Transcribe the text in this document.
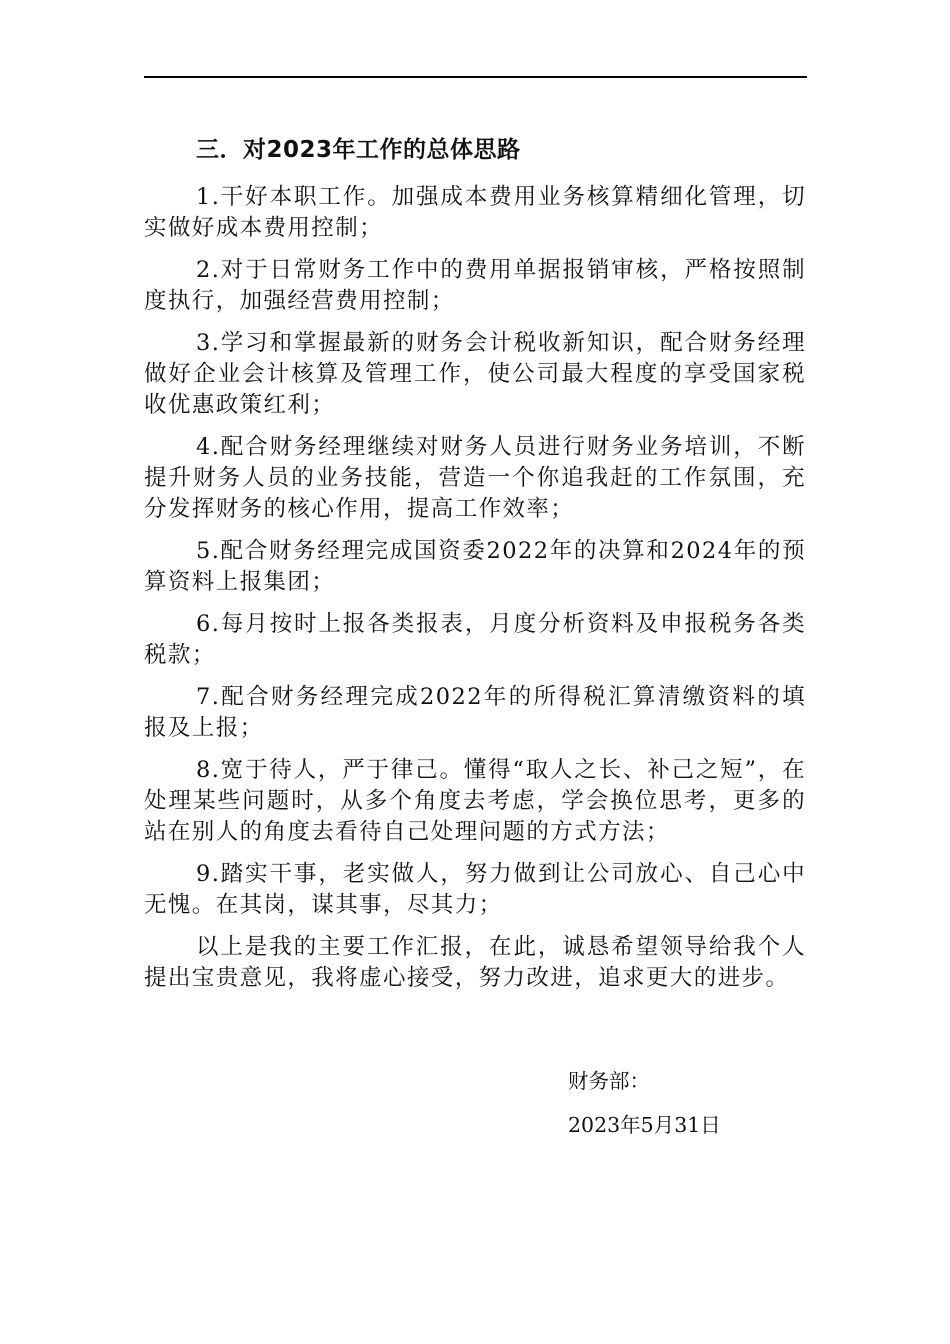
三．对2023年工作的总体思路

1.干好本职工作。加强成本费用业务核算精细化管理，切实做好成本费用控制；

2.对于日常财务工作中的费用单据报销审核，严格按照制度执行，加强经营费用控制；

3.学习和掌握最新的财务会计税收新知识，配合财务经理做好企业会计核算及管理工作，使公司最大程度的享受国家税收优惠政策红利；

4.配合财务经理继续对财务人员进行财务业务培训，不断提升财务人员的业务技能，营造一个你追我赶的工作氛围，充分发挥财务的核心作用，提高工作效率；

5.配合财务经理完成国资委2022年的决算和2024年的预算资料上报集团；

6.每月按时上报各类报表，月度分析资料及申报税务各类税款；

7.配合财务经理完成2022年的所得税汇算清缴资料的填报及上报；

8.宽于待人，严于律己。懂得“取人之长、补己之短”，在处理某些问题时，从多个角度去考虑，学会换位思考，更多的站在别人的角度去看待自己处理问题的方式方法；

9.踏实干事，老实做人，努力做到让公司放心、自己心中无愧。在其岗，谋其事，尽其力；

以上是我的主要工作汇报，在此，诚恳希望领导给我个人提出宝贵意见，我将虚心接受，努力改进，追求更大的进步。

财务部：
2023年5月31日
